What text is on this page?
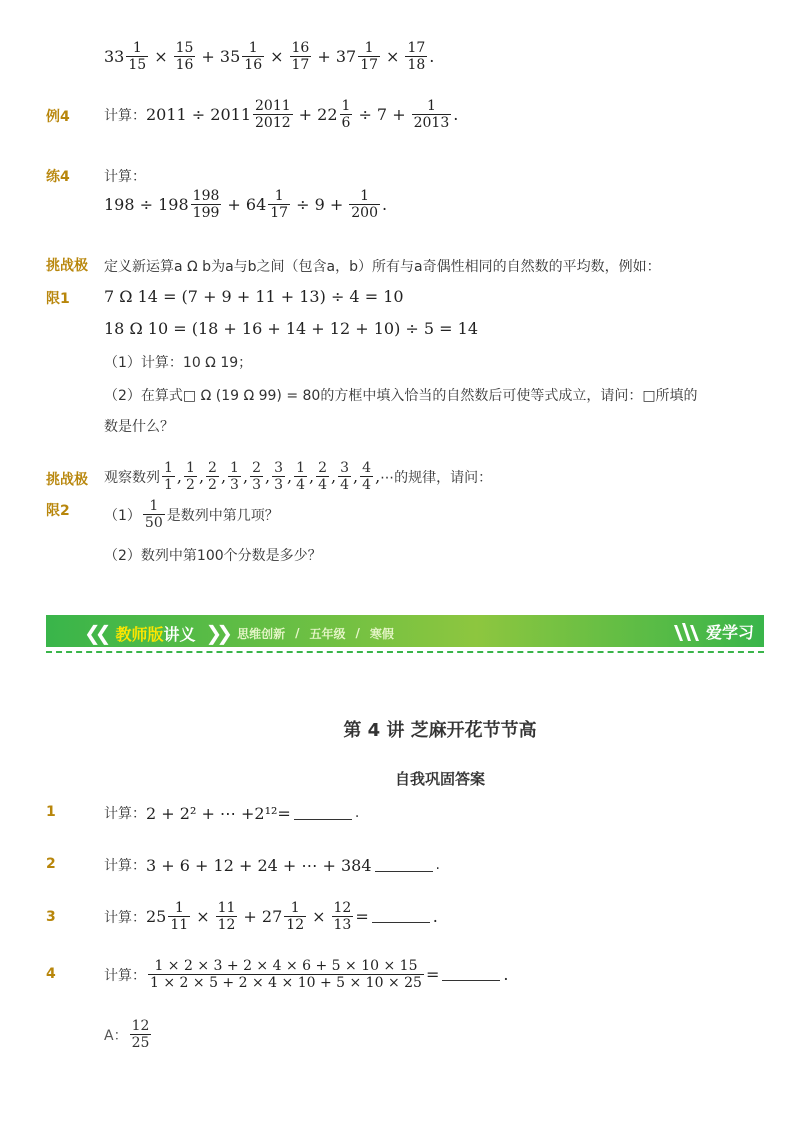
$33 \frac{1}{15} \times \frac{15}{16} + 35 \frac{1}{16} \times \frac{16}{17} + 37 \frac{1}{17} \times \frac{17}{18}$ .
例4 计算： $2011 \div 2011 \frac{2011}{2012} + 22 \frac{1}{6} \div 7 + \frac{1}{2013}$ .
练4 计算：
$198 \div 198 \frac{198}{199} + 64 \frac{1}{17} \div 9 + \frac{1}{200}$ .
挑战极
限1
定义新运算a Ω b为a与b之间（包含a，b）所有与a奇偶性相同的自然数的平均数，例如：
7 Ω 14 = (7 + 9 + 11 + 13) ÷ 4 = 10
18 Ω 10 = (18 + 16 + 14 + 12 + 10) ÷ 5 = 14
（1）计算：10 Ω 19；
（2）在算式□ Ω (19 Ω 99) = 80的方框中填入恰当的自然数后可使等式成立，请问：□所填的
数是什么？
挑战极
限2
观察数列 $\frac{1}{1}$ , $\frac{1}{2}$ , $\frac{2}{2}$ , $\frac{1}{3}$ , $\frac{2}{3}$ , $\frac{3}{3}$ , $\frac{1}{4}$ , $\frac{2}{4}$ , $\frac{3}{4}$ , $\frac{4}{4}$ , ⋯的规律，请问：
$(1) \frac{1}{50}$ 是数列中第几项？
（2）数列中第100个分数是多少？
❮❮ 教师版讲义 ❯❯ 思维创新 / 五年级 / 寒假	爱学习
第 4 讲 芝麻开花节节高
自我巩固答案
1	计算： 2 + 2² + ⋯ +2¹²=	.
2	计算： 3 + 6 + 12 + 24 + ⋯ + 384	.
3	计算： $25 \frac{1}{11} \times \frac{11}{12} + 27 \frac{1}{12} \times \frac{12}{13}$ =	.
4	计算： $\frac{1 \times 2 \times 3 + 2 \times 4 \times 6 + 5 \times 10 \times 15}{1 \times 2 \times 5 + 2 \times 4 \times 10 + 5 \times 10 \times 25}$ =	.
A： $\frac{12}{25}$
